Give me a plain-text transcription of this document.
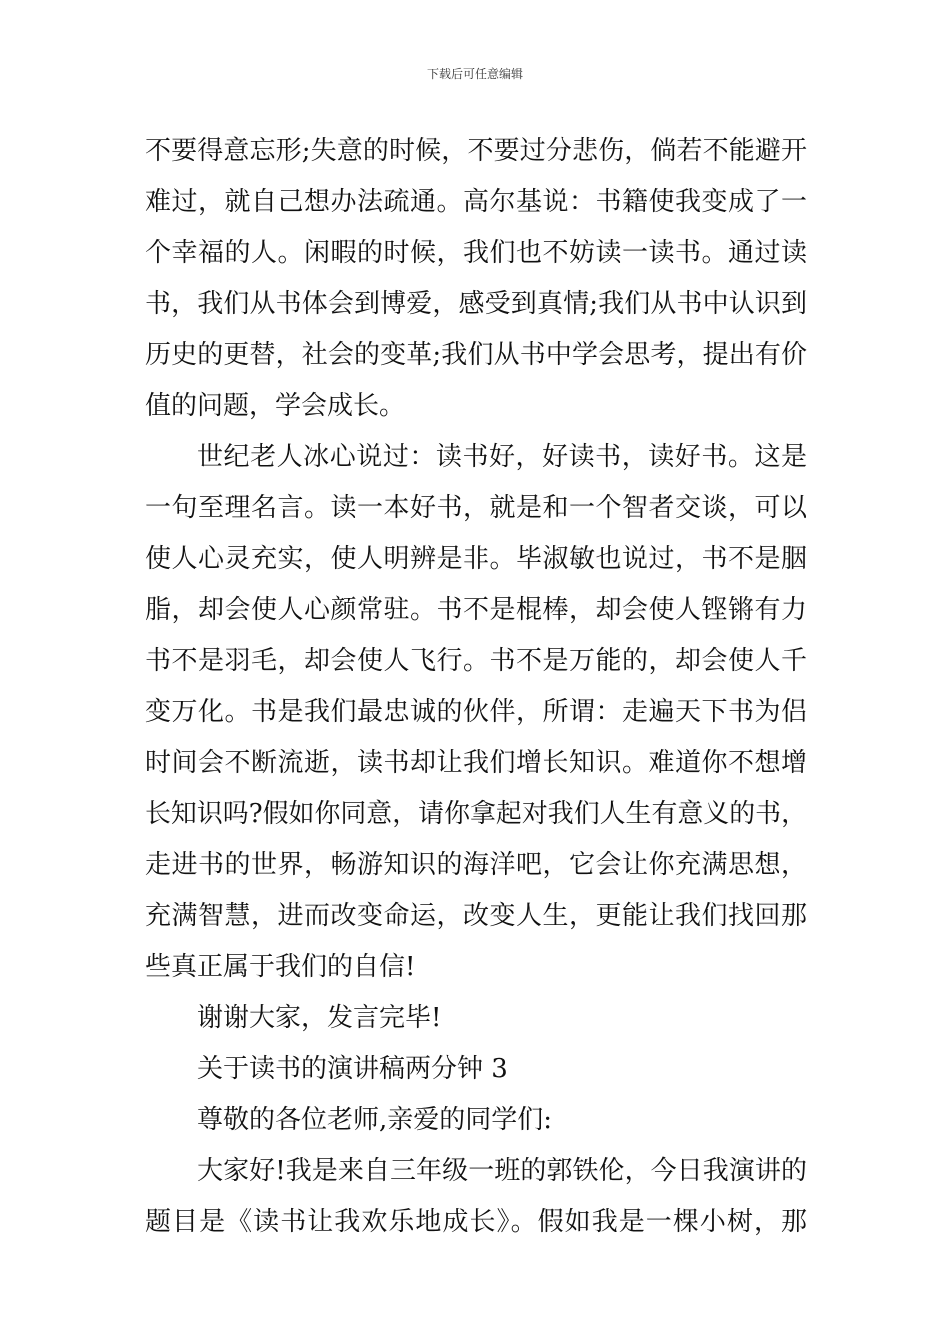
下载后可任意编辑
不要得意忘形;失意的时候，不要过分悲伤，倘若不能避开
难过，就自己想办法疏通。高尔基说：书籍使我变成了一
个幸福的人。闲暇的时候，我们也不妨读一读书。通过读
书，我们从书体会到博爱，感受到真情;我们从书中认识到
历史的更替，社会的变革;我们从书中学会思考，提出有价
值的问题，学会成长。
世纪老人冰心说过：读书好，好读书，读好书。这是
一句至理名言。读一本好书，就是和一个智者交谈，可以
使人心灵充实，使人明辨是非。毕淑敏也说过，书不是胭
脂，却会使人心颜常驻。书不是棍棒，却会使人铿锵有力
书不是羽毛，却会使人飞行。书不是万能的，却会使人千
变万化。书是我们最忠诚的伙伴，所谓：走遍天下书为侣
时间会不断流逝，读书却让我们增长知识。难道你不想增
长知识吗?假如你同意，请你拿起对我们人生有意义的书，
走进书的世界，畅游知识的海洋吧，它会让你充满思想，
充满智慧，进而改变命运，改变人生，更能让我们找回那
些真正属于我们的自信!
谢谢大家，发言完毕!
关于读书的演讲稿两分钟 3
尊敬的各位老师,亲爱的同学们:
大家好!我是来自三年级一班的郭铁伦，今日我演讲的
题目是《读书让我欢乐地成长》。假如我是一棵小树，那
